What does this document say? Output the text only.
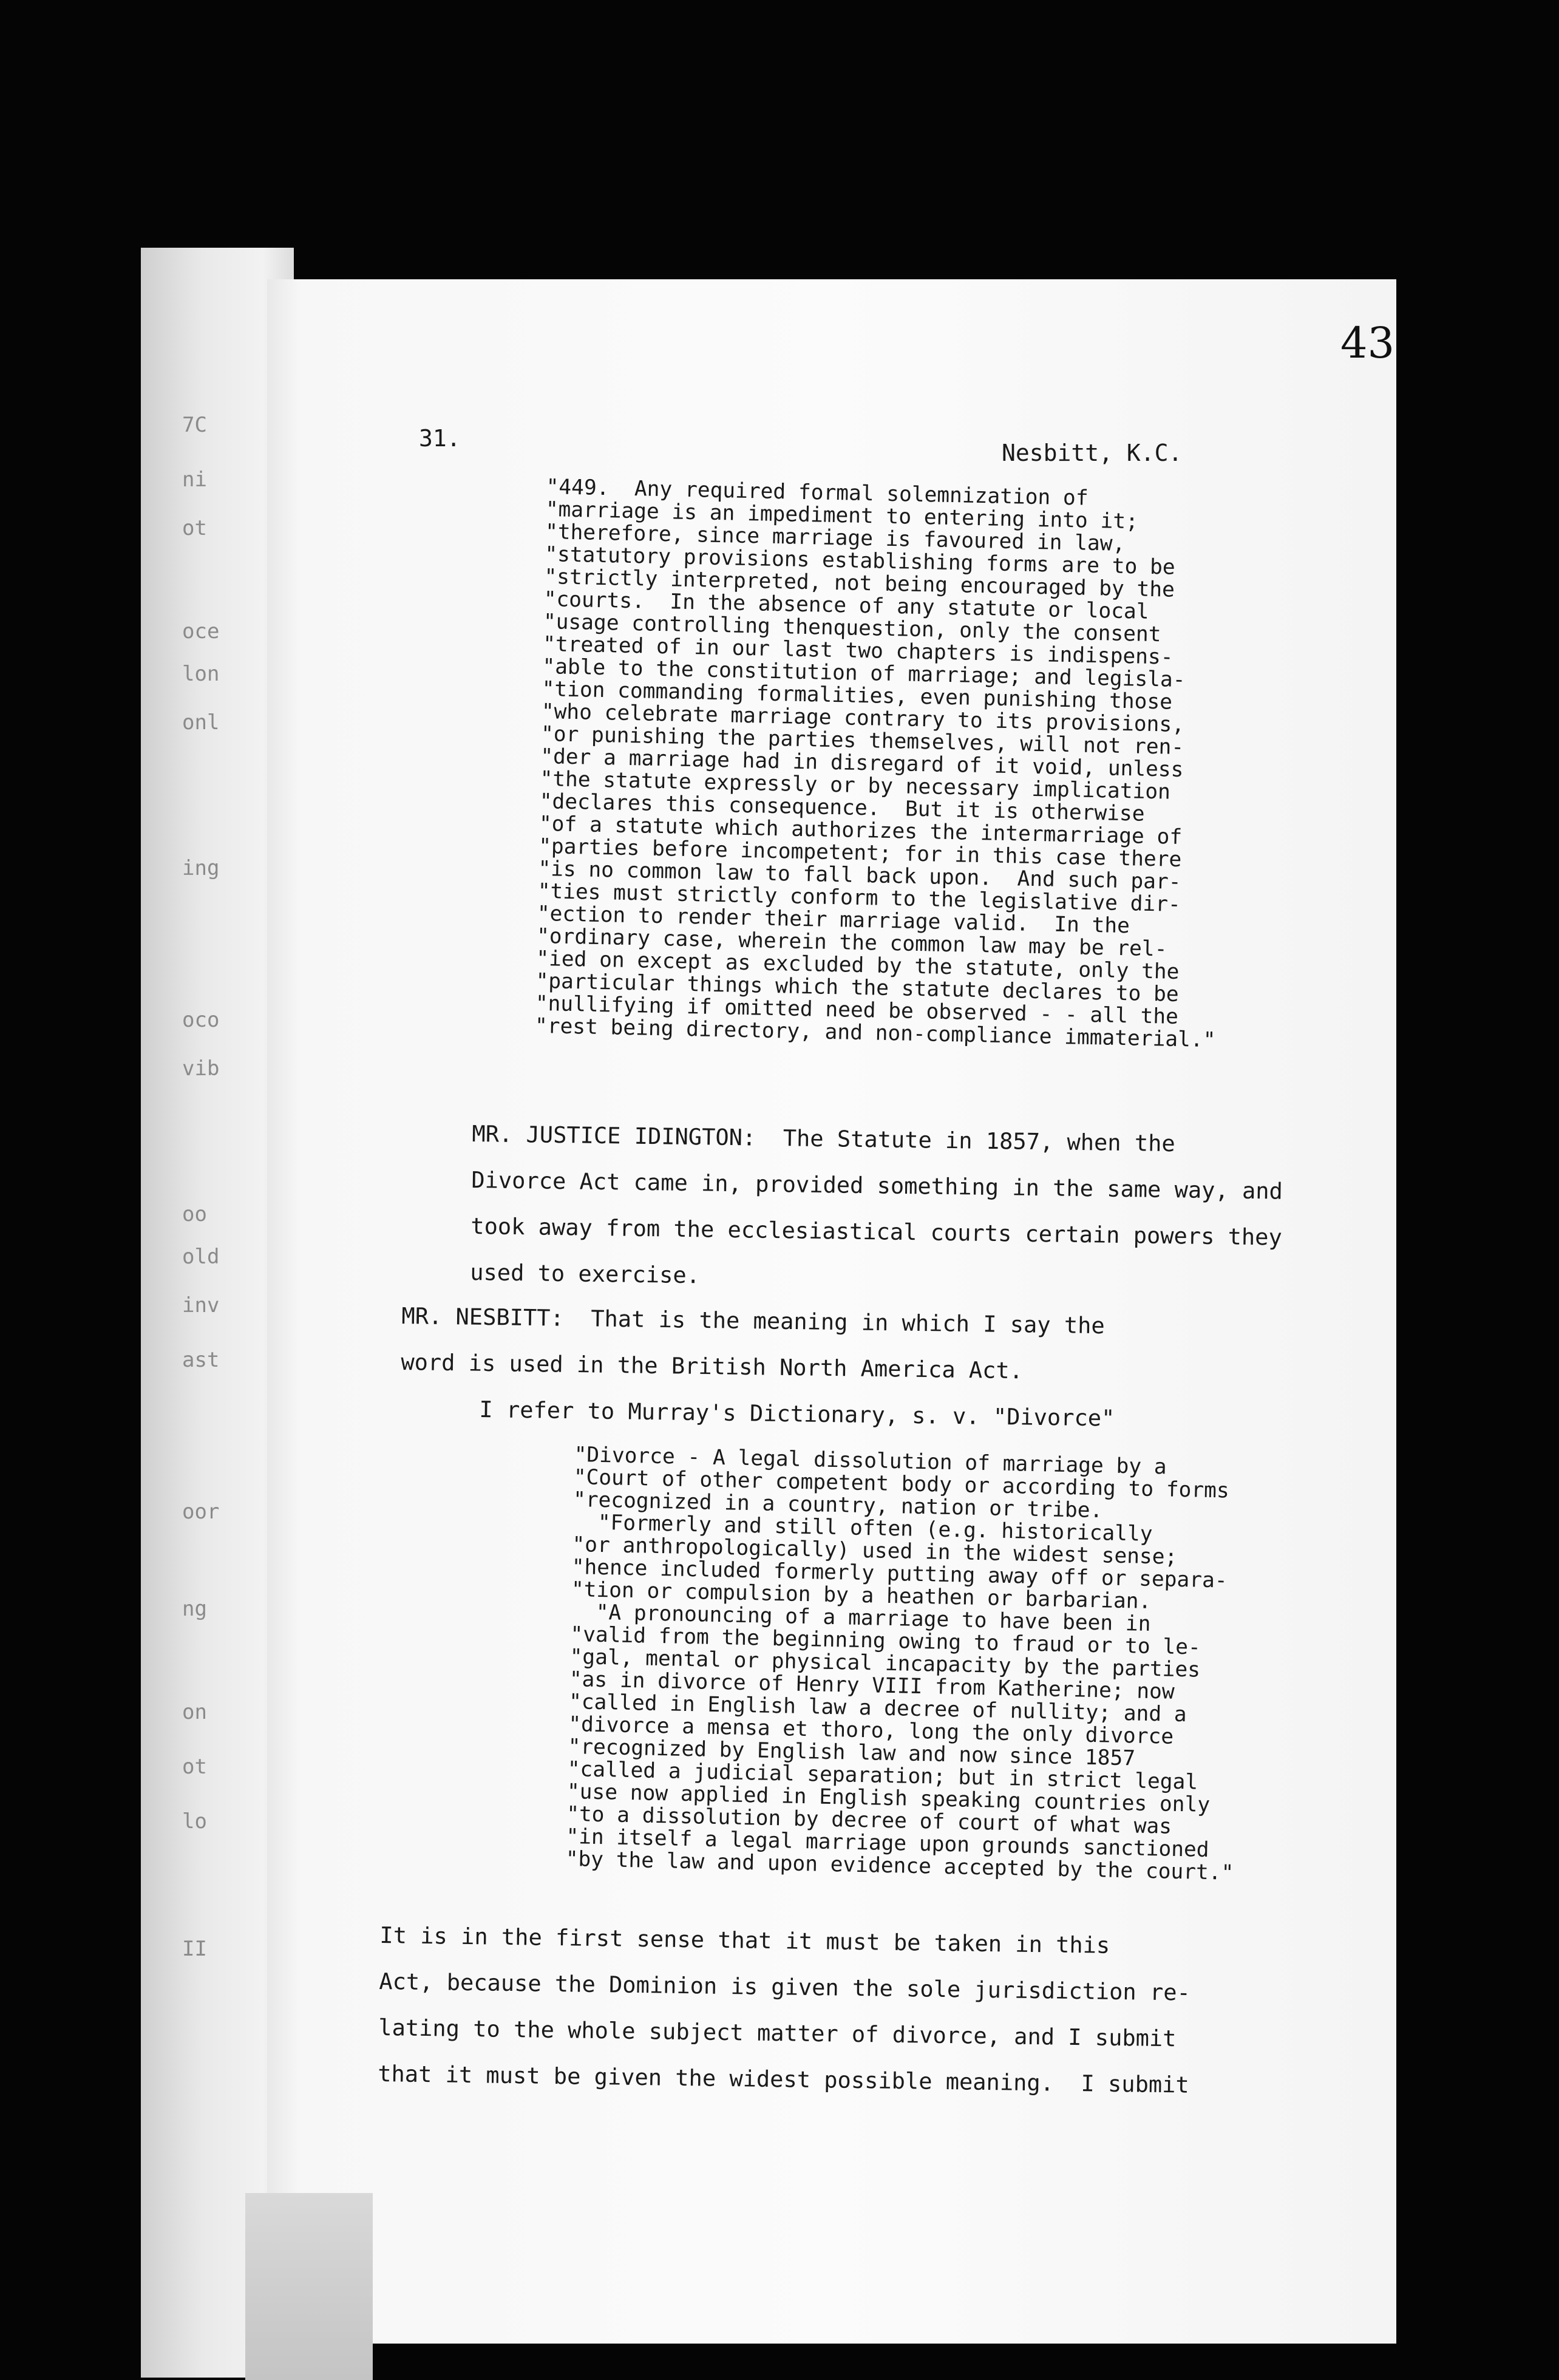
7C
ni
ot
oce
lon
onl
ing
oco
vib
oo
old
inv
ast
oor
ng
on
ot
lo
II
43
31.
Nesbitt, K.C.
"449.  Any required formal solemnization of
"marriage is an impediment to entering into it;
"therefore, since marriage is favoured in law,
"statutory provisions establishing forms are to be
"strictly interpreted, not being encouraged by the
"courts.  In the absence of any statute or local
"usage controlling thenquestion, only the consent
"treated of in our last two chapters is indispens-
"able to the constitution of marriage; and legisla-
"tion commanding formalities, even punishing those
"who celebrate marriage contrary to its provisions,
"or punishing the parties themselves, will not ren-
"der a marriage had in disregard of it void, unless
"the statute expressly or by necessary implication
"declares this consequence.  But it is otherwise
"of a statute which authorizes the intermarriage of
"parties before incompetent; for in this case there
"is no common law to fall back upon.  And such par-
"ties must strictly conform to the legislative dir-
"ection to render their marriage valid.  In the
"ordinary case, wherein the common law may be rel-
"ied on except as excluded by the statute, only the
"particular things which the statute declares to be
"nullifying if omitted need be observed - - all the
"rest being directory, and non-compliance immaterial."
MR. JUSTICE IDINGTON:  The Statute in 1857, when the
Divorce Act came in, provided something in the same way, and
took away from the ecclesiastical courts certain powers they
used to exercise.
MR. NESBITT:  That is the meaning in which I say the
word is used in the British North America Act.
I refer to Murray's Dictionary, s. v. "Divorce"
"Divorce - A legal dissolution of marriage by a
"Court of other competent body or according to forms
"recognized in a country, nation or tribe.
"Formerly and still often (e.g. historically
"or anthropologically) used in the widest sense;
"hence included formerly putting away off or separa-
"tion or compulsion by a heathen or barbarian.
"A pronouncing of a marriage to have been in
"valid from the beginning owing to fraud or to le-
"gal, mental or physical incapacity by the parties
"as in divorce of Henry VIII from Katherine; now
"called in English law a decree of nullity; and a
"divorce a mensa et thoro, long the only divorce
"recognized by English law and now since 1857
"called a judicial separation; but in strict legal
"use now applied in English speaking countries only
"to a dissolution by decree of court of what was
"in itself a legal marriage upon grounds sanctioned
"by the law and upon evidence accepted by the court."
It is in the first sense that it must be taken in this
Act, because the Dominion is given the sole jurisdiction re-
lating to the whole subject matter of divorce, and I submit
that it must be given the widest possible meaning.  I submit
